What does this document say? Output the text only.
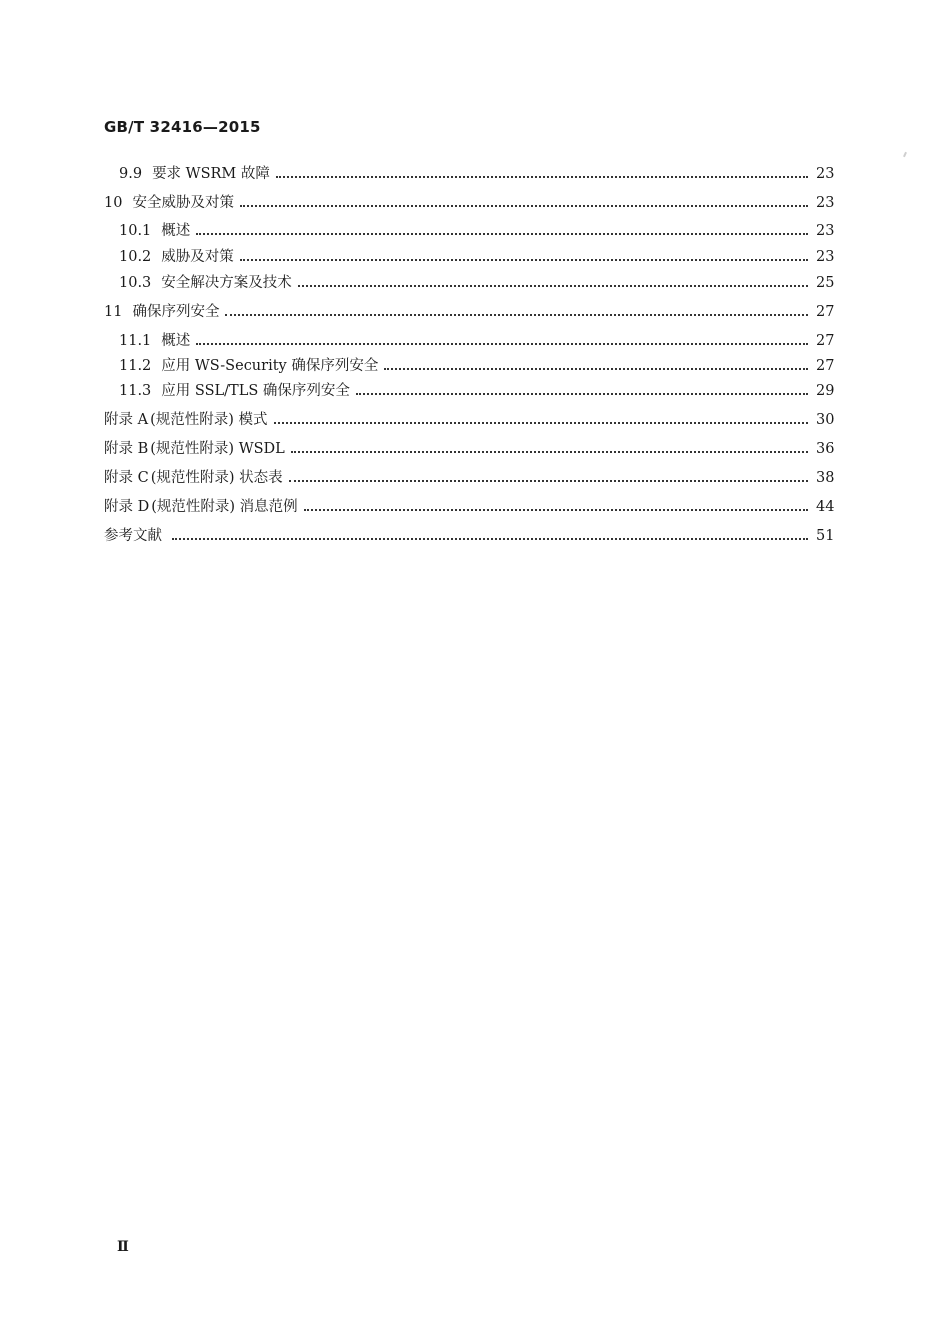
GB/T 32416—2015
9.9 要求 WSRM 故障	23
10 安全威胁及对策	23
10.1 概述	23
10.2 威胁及对策	23
10.3 安全解决方案及技术	25
11 确保序列安全	27
11.1 概述	27
11.2 应用 WS-Security 确保序列安全	27
11.3 应用 SSL/TLS 确保序列安全	29
附录 A (规范性附录) 模式	30
附录 B (规范性附录) WSDL	36
附录 C (规范性附录) 状态表	38
附录 D (规范性附录) 消息范例	44
参考文献	51
Ⅱ
